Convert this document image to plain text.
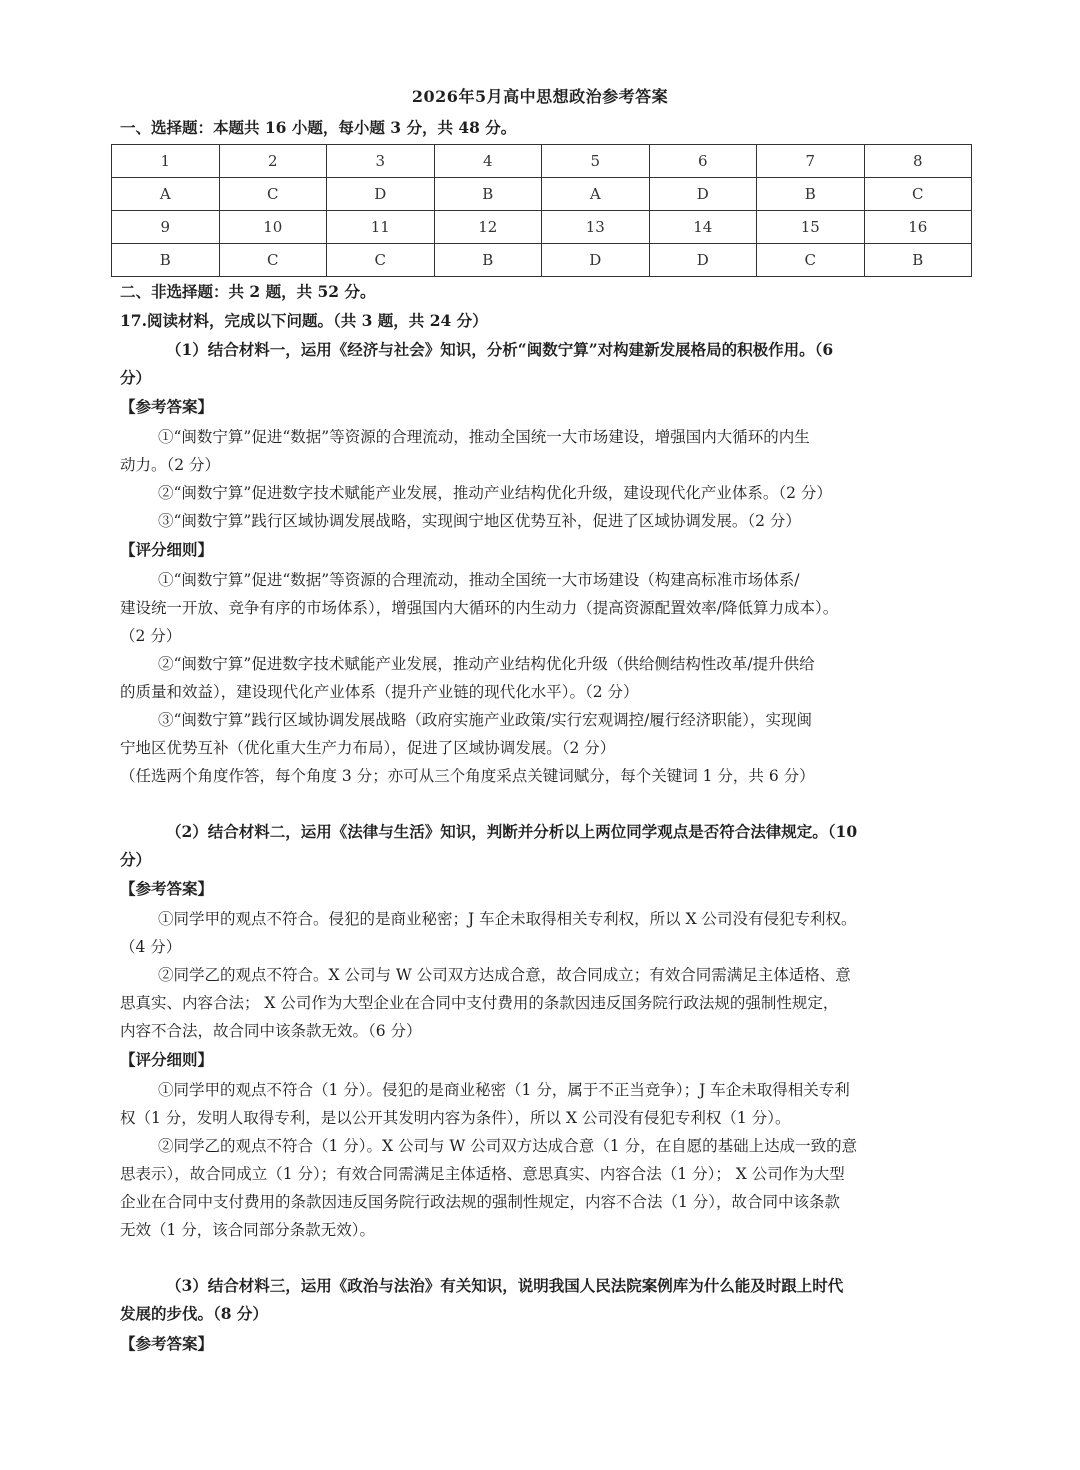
2026年5月高中思想政治参考答案
一、选择题：本题共 16 小题，每小题 3 分，共 48 分。
1	2	3	4	5	6	7	8
A	C	D	B	A	D	B	C
9	10	11	12	13	14	15	16
B	C	C	B	D	D	C	B
二、非选择题：共 2 题，共 52 分。
17.阅读材料，完成以下问题。（共 3 题，共 24 分）
（1）结合材料一，运用《经济与社会》知识，分析“闽数宁算”对构建新发展格局的积极作用。（6
分）
【参考答案】
①“闽数宁算”促进“数据”等资源的合理流动，推动全国统一大市场建设，增强国内大循环的内生
动力。（2 分）
②“闽数宁算”促进数字技术赋能产业发展，推动产业结构优化升级，建设现代化产业体系。（2 分）
③“闽数宁算”践行区域协调发展战略，实现闽宁地区优势互补，促进了区域协调发展。（2 分）
【评分细则】
①“闽数宁算”促进“数据”等资源的合理流动，推动全国统一大市场建设（构建高标准市场体系/
建设统一开放、竞争有序的市场体系），增强国内大循环的内生动力（提高资源配置效率/降低算力成本）。
（2 分）
②“闽数宁算”促进数字技术赋能产业发展，推动产业结构优化升级（供给侧结构性改革/提升供给
的质量和效益），建设现代化产业体系（提升产业链的现代化水平）。（2 分）
③“闽数宁算”践行区域协调发展战略（政府实施产业政策/实行宏观调控/履行经济职能），实现闽
宁地区优势互补（优化重大生产力布局），促进了区域协调发展。（2 分）
（任选两个角度作答，每个角度 3 分；亦可从三个角度采点关键词赋分，每个关键词 1 分，共 6 分）
（2）结合材料二，运用《法律与生活》知识，判断并分析以上两位同学观点是否符合法律规定。（10
分）
【参考答案】
①同学甲的观点不符合。侵犯的是商业秘密；J 车企未取得相关专利权，所以 X 公司没有侵犯专利权。
（4 分）
②同学乙的观点不符合。X 公司与 W 公司双方达成合意，故合同成立；有效合同需满足主体适格、意
思真实、内容合法； X 公司作为大型企业在合同中支付费用的条款因违反国务院行政法规的强制性规定，
内容不合法，故合同中该条款无效。（6 分）
【评分细则】
①同学甲的观点不符合（1 分）。侵犯的是商业秘密（1 分，属于不正当竞争）；J 车企未取得相关专利
权（1 分，发明人取得专利，是以公开其发明内容为条件），所以 X 公司没有侵犯专利权（1 分）。
②同学乙的观点不符合（1 分）。X 公司与 W 公司双方达成合意（1 分，在自愿的基础上达成一致的意
思表示），故合同成立（1 分）；有效合同需满足主体适格、意思真实、内容合法（1 分）； X 公司作为大型
企业在合同中支付费用的条款因违反国务院行政法规的强制性规定，内容不合法（1 分），故合同中该条款
无效（1 分，该合同部分条款无效）。
（3）结合材料三，运用《政治与法治》有关知识，说明我国人民法院案例库为什么能及时跟上时代
发展的步伐。（8 分）
【参考答案】
